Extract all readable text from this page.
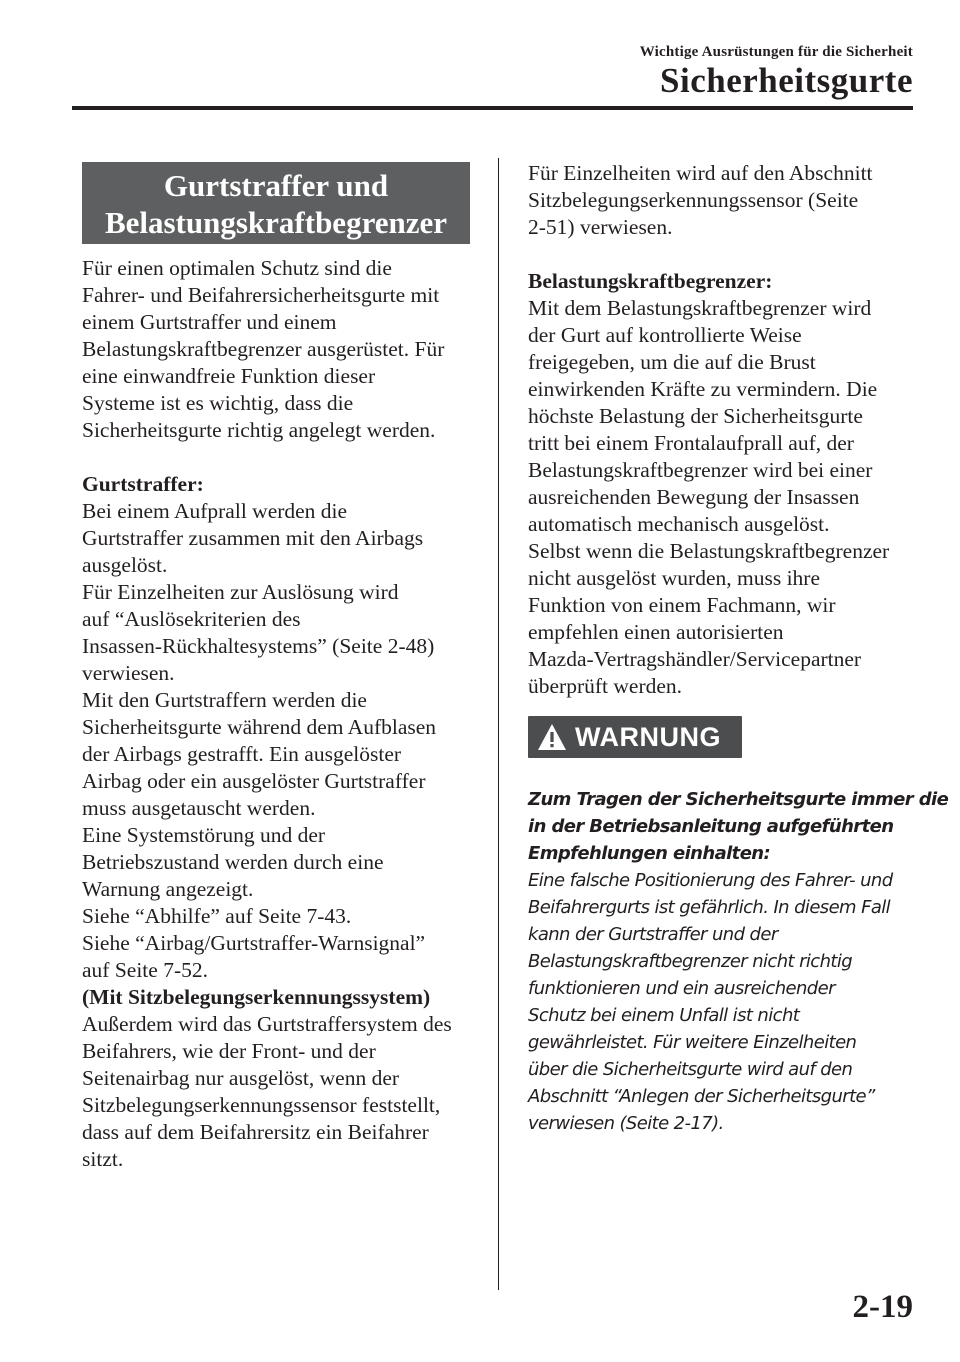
Wichtige Ausrüstungen für die Sicherheit
Sicherheitsgurte
Gurtstraffer und
Belastungskraftbegrenzer

Für einen optimalen Schutz sind die

Fahrer- und Beifahrersicherheitsgurte mit

einem Gurtstraffer und einem

Belastungskraftbegrenzer ausgerüstet. Für

eine einwandfreie Funktion dieser

Systeme ist es wichtig, dass die

Sicherheitsgurte richtig angelegt werden.

Gurtstraffer:

Bei einem Aufprall werden die

Gurtstraffer zusammen mit den Airbags

ausgelöst.

Für Einzelheiten zur Auslösung wird

auf “Auslösekriterien des

Insassen-Rückhaltesystems” (Seite 2-48)

verwiesen.

Mit den Gurtstraffern werden die

Sicherheitsgurte während dem Aufblasen

der Airbags gestrafft. Ein ausgelöster

Airbag oder ein ausgelöster Gurtstraffer

muss ausgetauscht werden.

Eine Systemstörung und der

Betriebszustand werden durch eine

Warnung angezeigt.

Siehe “Abhilfe” auf Seite 7-43.

Siehe “Airbag/Gurtstraffer-Warnsignal”

auf Seite 7-52.

(Mit Sitzbelegungserkennungssystem)

Außerdem wird das Gurtstraffersystem des

Beifahrers, wie der Front- und der

Seitenairbag nur ausgelöst, wenn der

Sitzbelegungserkennungssensor feststellt,

dass auf dem Beifahrersitz ein Beifahrer

sitzt.

Für Einzelheiten wird auf den Abschnitt

Sitzbelegungserkennungssensor (Seite

2-51) verwiesen.

Belastungskraftbegrenzer:

Mit dem Belastungskraftbegrenzer wird

der Gurt auf kontrollierte Weise

freigegeben, um die auf die Brust

einwirkenden Kräfte zu vermindern. Die

höchste Belastung der Sicherheitsgurte

tritt bei einem Frontalaufprall auf, der

Belastungskraftbegrenzer wird bei einer

ausreichenden Bewegung der Insassen

automatisch mechanisch ausgelöst.

Selbst wenn die Belastungskraftbegrenzer

nicht ausgelöst wurden, muss ihre

Funktion von einem Fachmann, wir

empfehlen einen autorisierten

Mazda-Vertragshändler/Servicepartner

überprüft werden.

WARNUNG

Zum Tragen der Sicherheitsgurte immer die

in der Betriebsanleitung aufgeführten

Empfehlungen einhalten:

Eine falsche Positionierung des Fahrer- und

Beifahrergurts ist gefährlich. In diesem Fall

kann der Gurtstraffer und der

Belastungskraftbegrenzer nicht richtig

funktionieren und ein ausreichender

Schutz bei einem Unfall ist nicht

gewährleistet. Für weitere Einzelheiten

über die Sicherheitsgurte wird auf den

Abschnitt “Anlegen der Sicherheitsgurte”

verwiesen (Seite 2-17).

2-19
